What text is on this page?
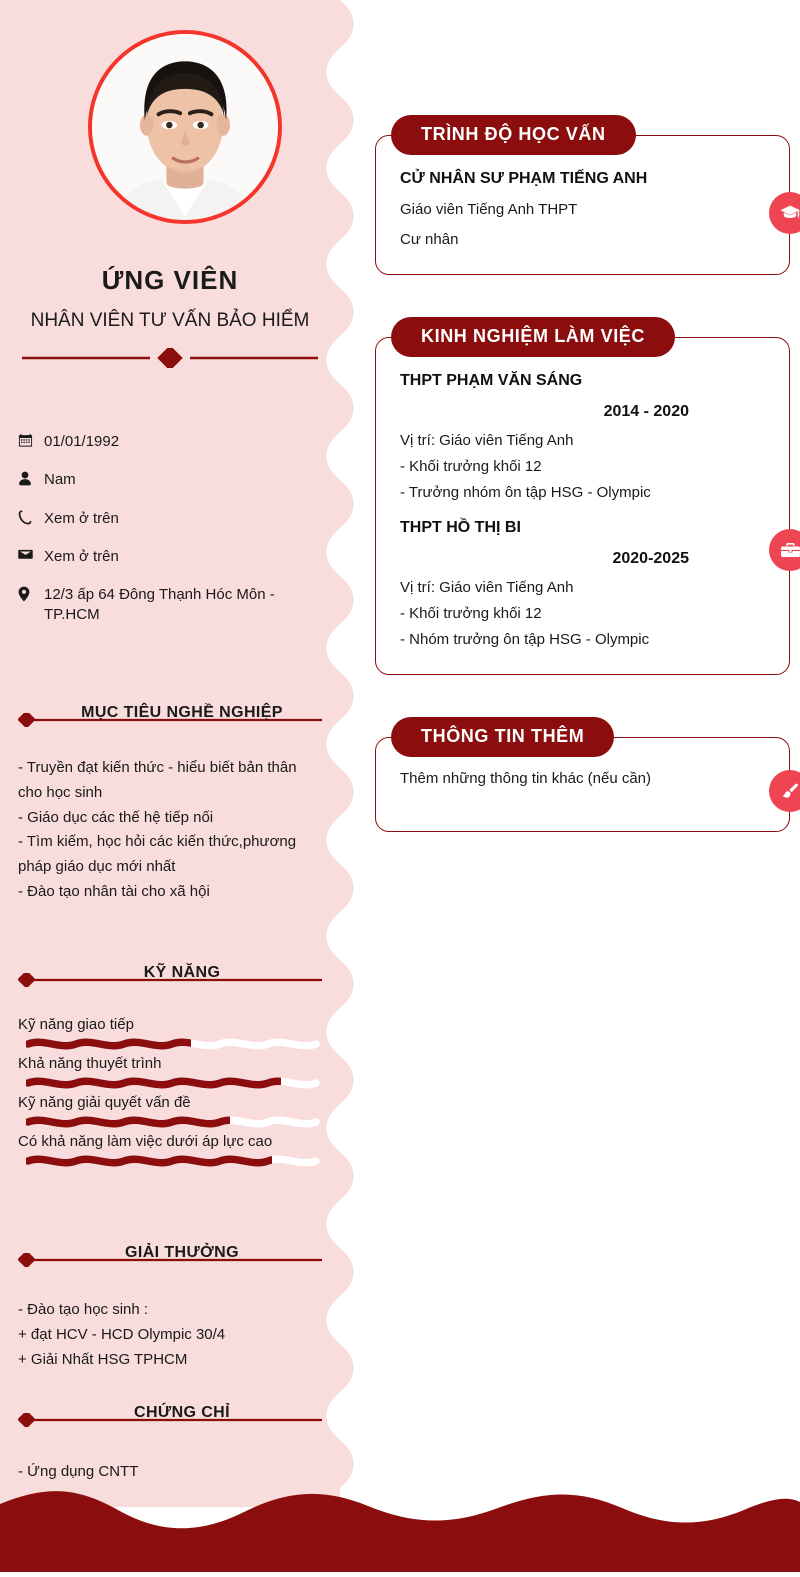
ỨNG VIÊN
NHÂN VIÊN TƯ VẤN BẢO HIỂM
01/01/1992
Nam
Xem ở trên
Xem ở trên
12/3 ấp 64 Đông Thạnh Hóc Môn - TP.HCM
MỤC TIÊU NGHỀ NGHIỆP

- Truyền đạt kiến thức - hiểu biết bản thân cho học sinh

- Giáo dục các thế hệ tiếp nối

- Tìm kiếm, học hỏi các kiến thức,phương pháp giáo dục mới nhất

- Đào tạo nhân tài cho xã hội

KỸ NĂNG
Kỹ năng giao tiếp
Khả năng thuyết trình
Kỹ năng giải quyết vấn đề
Có khả năng làm việc dưới áp lực cao
GIẢI THƯỞNG

- Đào tạo học sinh :

+ đạt HCV - HCD Olympic 30/4

+ Giải Nhất HSG TPHCM

CHỨNG CHỈ

- Ứng dụng CNTT

TRÌNH ĐỘ HỌC VẤN
CỬ NHÂN SƯ PHẠM TIẾNG ANH
Giáo viên Tiếng Anh THPT
Cư nhân
KINH NGHIỆM LÀM VIỆC
THPT PHẠM VĂN SÁNG
2014 - 2020
Vị trí: Giáo viên Tiếng Anh
- Khối trưởng khối 12
- Trưởng nhóm ôn tập HSG - Olympic
THPT HỒ THỊ BI
2020-2025
Vị trí: Giáo viên Tiếng Anh
- Khối trưởng khối 12
- Nhóm trưởng ôn tập HSG - Olympic
THÔNG TIN THÊM
Thêm những thông tin khác (nếu cần)
